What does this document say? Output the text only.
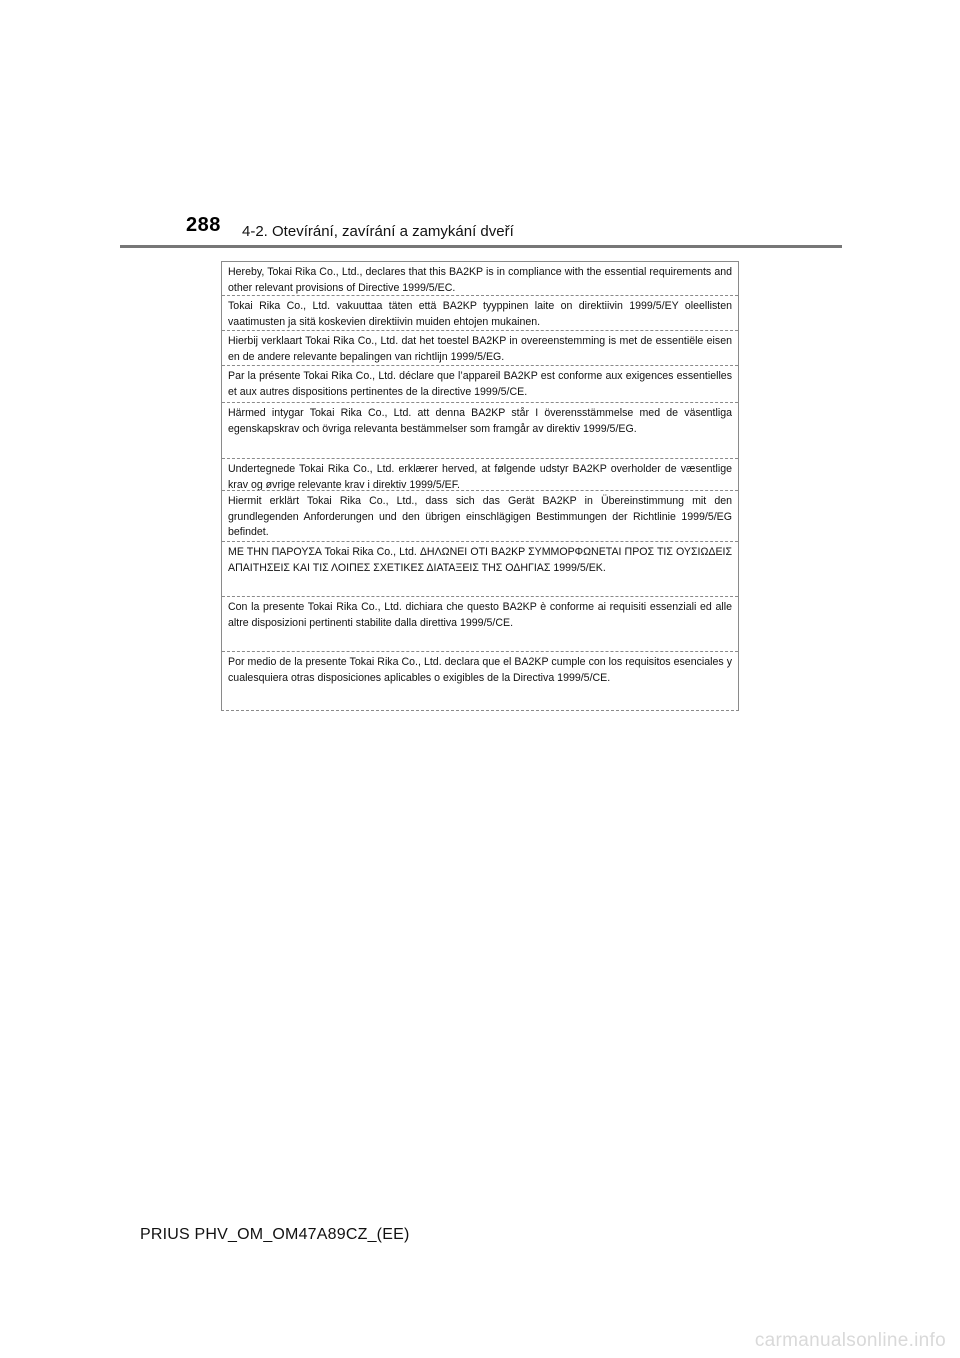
288 4-2. Otevírání, zavírání a zamykání dveří
Hereby, Tokai Rika Co., Ltd., declares that this BA2KP is in compliance with the essential requirements and other relevant provisions of Directive 1999/5/EC.
Tokai Rika Co., Ltd. vakuuttaa täten että BA2KP tyyppinen laite on direktiivin 1999/5/EY oleellisten vaatimusten ja sitä koskevien direktiivin muiden ehtojen mukainen.
Hierbij verklaart Tokai Rika Co., Ltd. dat het toestel BA2KP in overeenstemming is met de essentiële eisen en de andere relevante bepalingen van richtlijn 1999/5/EG.
Par la présente Tokai Rika Co., Ltd. déclare que l’appareil BA2KP est conforme aux exigences essentielles et aux autres dispositions pertinentes de la directive 1999/5/CE.
Härmed intygar Tokai Rika Co., Ltd. att denna BA2KP står I överensstämmelse med de väsentliga egenskapskrav och övriga relevanta bestämmelser som framgår av direktiv 1999/5/EG.
Undertegnede Tokai Rika Co., Ltd. erklærer herved, at følgende udstyr BA2KP overholder de væsentlige krav og øvrige relevante krav i direktiv 1999/5/EF.
Hiermit erklärt Tokai Rika Co., Ltd., dass sich das Gerät BA2KP in Übereinstimmung mit den grundlegenden Anforderungen und den übrigen einschlägigen Bestimmungen der Richtlinie 1999/5/EG befindet.
ΜΕ ΤΗΝ ΠΑΡΟΥΣΑ Tokai Rika Co., Ltd. ΔΗΛΩΝΕΙ ΟΤΙ BA2KP ΣΥΜΜΟΡΦΩΝΕΤΑΙ ΠΡΟΣ ΤΙΣ ΟΥΣΙΩΔΕΙΣ ΑΠΑΙΤΗΣΕΙΣ ΚΑΙ ΤΙΣ ΛΟΙΠΕΣ ΣΧΕΤΙΚΕΣ ΔΙΑΤΑΞΕΙΣ ΤΗΣ ΟΔΗΓΙΑΣ 1999/5/ΕΚ.
Con la presente Tokai Rika Co., Ltd. dichiara che questo BA2KP è conforme ai requisiti essenziali ed alle altre disposizioni pertinenti stabilite dalla direttiva 1999/5/CE.
Por medio de la presente Tokai Rika Co., Ltd. declara que el BA2KP cumple con los requisitos esenciales y cualesquiera otras disposiciones aplicables o exigibles de la Directiva 1999/5/CE.
PRIUS PHV_OM_OM47A89CZ_(EE)
carmanualsonline.info
